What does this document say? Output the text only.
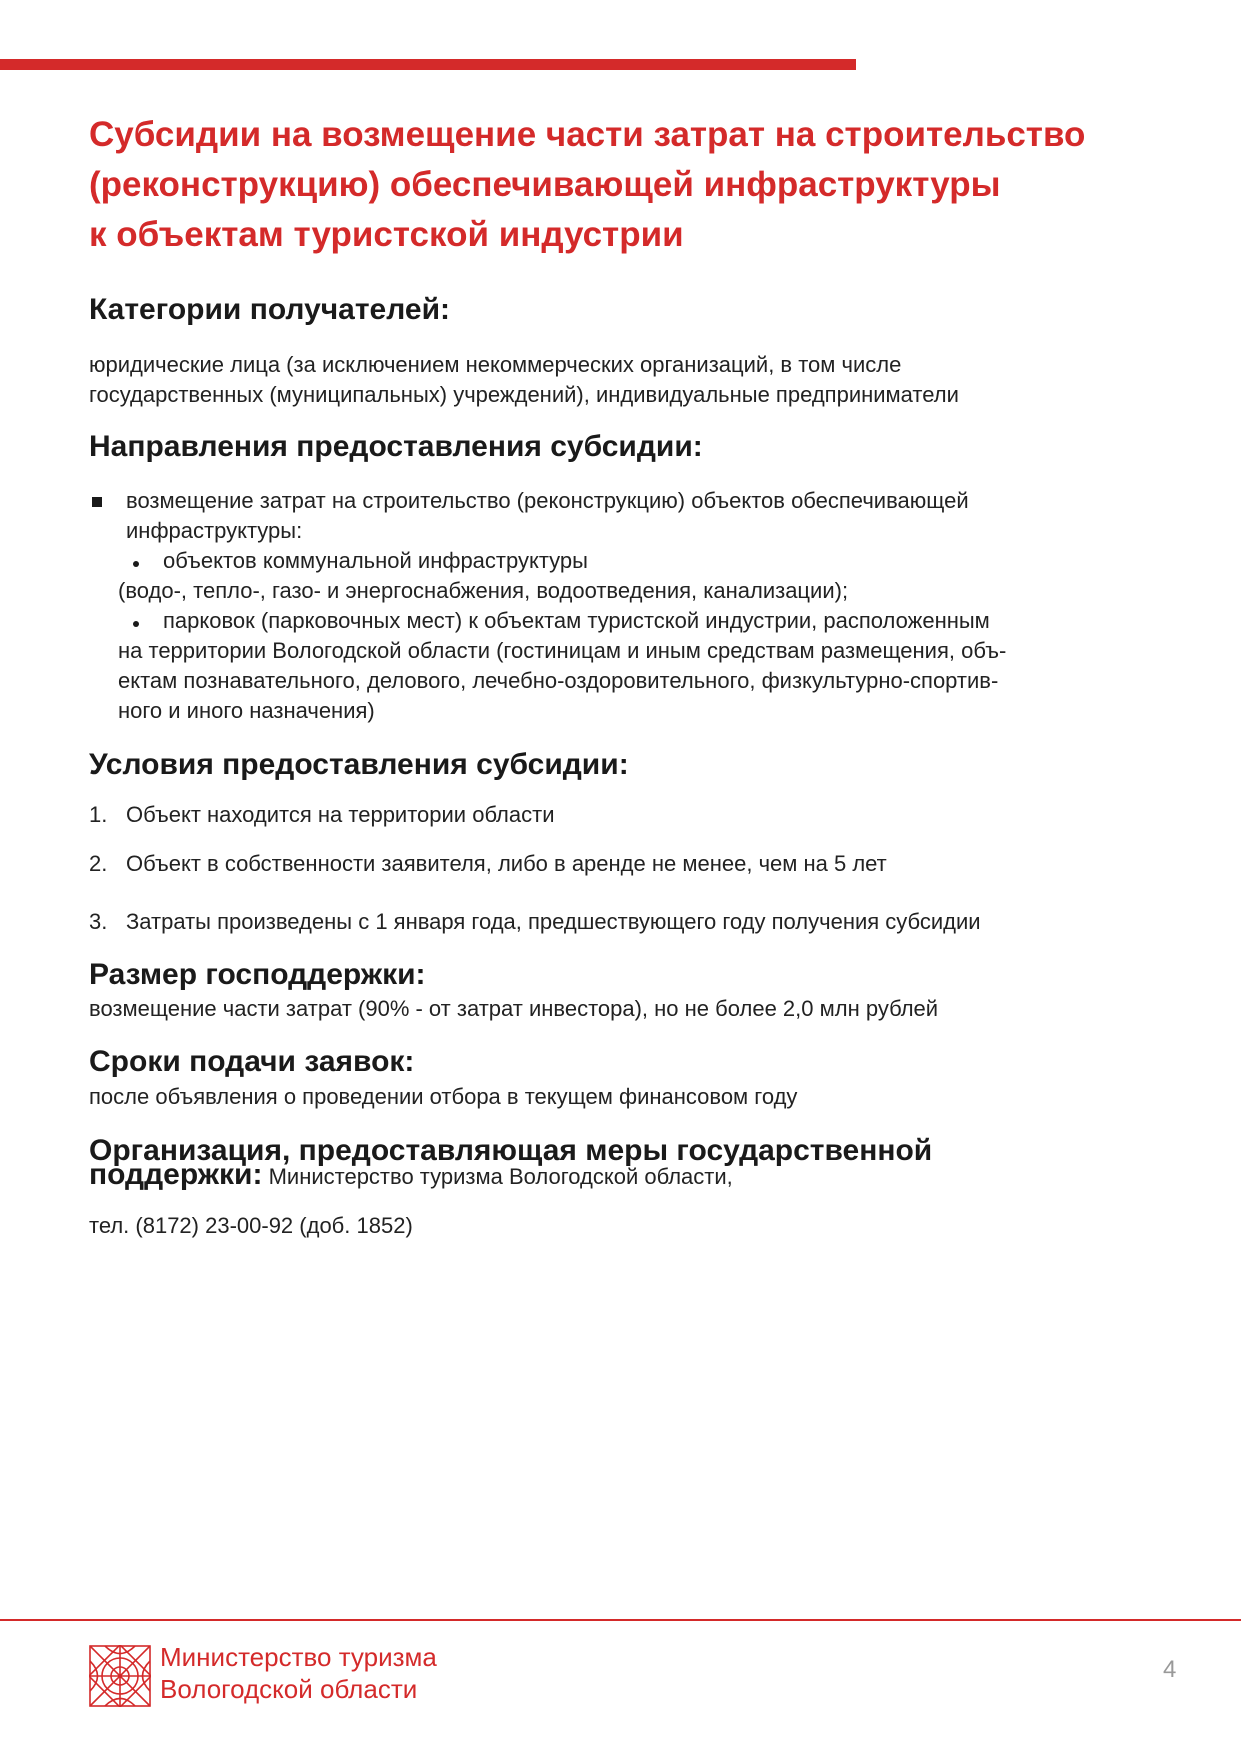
Субсидии на возмещение части затрат на строительство
(реконструкцию) обеспечивающей инфраструктуры
к объектам туристской индустрии
Категории получателей:

юридические лица (за исключением некоммерческих организаций, в том числе
государственных (муниципальных) учреждений), индивидуальные предприниматели

Направления предоставления субсидии:

возмещение затрат на строительство (реконструкцию) объектов обеспечивающей
инфраструктуры:

объектов коммунальной инфраструктуры

(водо-, тепло-, газо- и энергоснабжения, водоотведения, канализации);

парковок (парковочных мест) к объектам туристской индустрии, расположенным

на территории Вологодской области (гостиницам и иным средствам размещения, объ-
ектам познавательного, делового, лечебно-оздоровительного, физкультурно-спортив-
ного и иного назначения)

Условия предоставления субсидии:

1. Объект находится на территории области

2. Объект в собственности заявителя, либо в аренде не менее, чем на 5 лет

3. Затраты произведены с 1 января года, предшествующего году получения субсидии

Размер господдержки:

возмещение части затрат (90% - от затрат инвестора), но не более 2,0 млн рублей

Сроки подачи заявок:

после объявления о проведении отбора в текущем финансовом году

Организация, предоставляющая меры государственной
поддержки: Министерство туризма Вологодской области,

тел. (8172) 23-00-92 (доб. 1852)

Министерство туризма
Вологодской области

4
